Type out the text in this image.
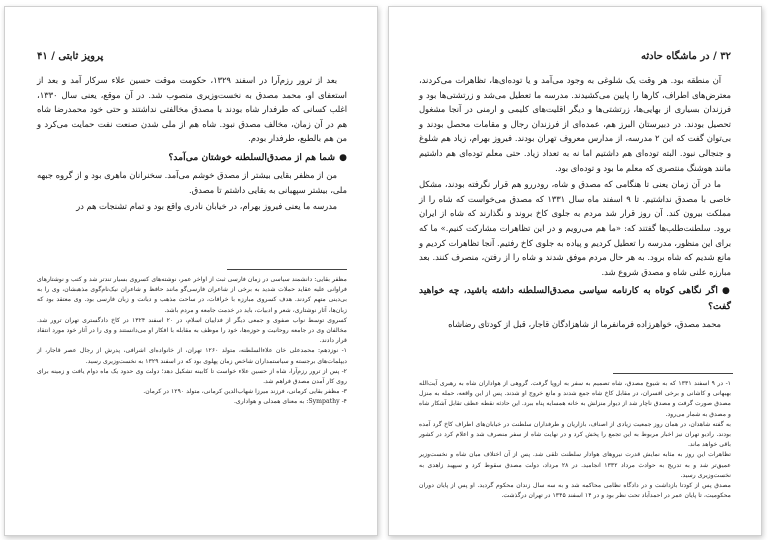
پرویز ثابتی / ۴۱

بعد از ترور رزم‌آرا در اسفند ۱۳۲۹، حکومت موقت حسین علاء سرکار آمد و بعد از استعفای او، محمد مصدق به نخست‌وزیری منصوب شد. در آن موقع، یعنی سال ۱۳۳۰، اغلب کسانی که طرفدار شاه بودند با مصدق مخالفتی نداشتند و حتی خود محمدرضا شاه هم در آن زمان، مخالف مصدق نبود. شاه هم از ملی شدن صنعت نفت حمایت می‌کرد و من هم بالطبع، طرفدار بودم.

●شما هم از مصدق‌السلطنه خوشتان می‌آمد؟

من از مظفر بقایی بیشتر از مصدق خوشم می‌آمد. سخنرانان ماهری بود و از گروه جبهه ملی، بیشتر سپهبانی به بقایی داشتم تا مصدق.

مدرسه ما یعنی فیروز بهرام، در خیابان نادری واقع بود و تمام تشنجات هم در

مظفر بقایی: دانشمند سیاسی در زمان فارسی ثبت از اواخر عمر، نوشته‌های کسروی بسیار تندتر شد و کتب و نوشتارهای فراوانی علیه عقاید حملات شدید به برخی از شاعران فارسی‌گو مانند حافظ و شاعران نیک‌نام‌گوی مذهبشان، وی را به بی‌دینی متهم کردند. هدف کسروی مبارزه با خرافات، در ساحت مذهب و دیانت و زبان فارسی بود. وی معتقد بود که زبان‌ها، آثار نوشتاری، شعر و ادبیات، باید در خدمت جامعه و مردم باشد.

کسروی توسط نواب صفوی و جمعی دیگر از فداییان اسلام، در ۲۰ اسفند ۱۳۲۴ در کاخ دادگستری تهران ترور شد. مخالفان وی در جامعه روحانیت و حوزه‌ها، خود را موظف به مقابله با افکار او می‌دانستند و وی را در آثار خود مورد انتقاد قرار دادند.

۱- نوزدهم: محمدعلی خان علاءالسلطنه، متولد ۱۲۶۰ تهران، از خانواده‌ای اشرافی، پدرش از رجال عصر قاجار، از دیپلمات‌های برجسته و سیاستمداران شاخص زمان پهلوی بود که در اسفند ۱۳۲۹ به نخست‌وزیری رسید.

۲- پس از ترور رزم‌آرا، شاه از حسین علاء خواست تا کابینه تشکیل دهد؛ دولت وی حدود یک ماه دوام یافت و زمینه برای روی کار آمدن مصدق فراهم شد.

۳- مظفر بقایی کرمانی، فرزند میرزا شهاب‌الدین کرمانی، متولد ۱۲۹۰ در کرمان.

۴- Sympathy: به معنای همدلی و هواداری.

۳۲ / در ماشگاه حادثه

آن منطقه بود. هر وقت یک شلوغی به وجود می‌آمد و یا توده‌ای‌ها، تظاهرات می‌کردند، معترض‌های اطراف، کارها را پایین می‌کشیدند. مدرسه ما تعطیل می‌شد و زرتشتی‌ها بود و فرزندان بسیاری از بهایی‌ها، زرتشتی‌ها و دیگر اقلیت‌های کلیمی و ارمنی در آنجا مشغول تحصیل بودند. در دبیرستان البرز هم، عمده‌ای از فرزندان رجال و مقامات محصل بودند و بی‌توان گفت که این ۲ مدرسه، از مدارس معروف تهران بودند. فیروز بهرام، زیاد هم شلوغ و جنجالی نبود. البته توده‌ای هم داشتیم اما نه به تعداد زیاد. حتی معلم توده‌ای هم داشتیم مانند هوشنگ منتصری که معلم ما بود و توده‌ای بود.

ما در آن زمان یعنی تا هنگامی که مصدق و شاه، رودررو هم قرار نگرفته بودند، مشکل خاصی با مصدق نداشتیم. تا ۹ اسفند ماه سال ۱۳۳۱ که مصدق می‌خواست که شاه را از مملکت بیرون کند. آن روز قرار شد مردم به جلوی کاخ بروند و نگذارند که شاه از ایران برود. سلطنت‌طلب‌ها گفتند که: «ما هم می‌رویم و در این تظاهرات مشارکت کنیم.» ما که برای این منظور، مدرسه را تعطیل کردیم و پیاده به جلوی کاخ رفتیم. آنجا تظاهرات کردیم و مانع شدیم که شاه برود. به هر حال مردم موفق شدند و شاه را از رفتن، منصرف کنند. بعد مبارزه علنی شاه و مصدق شروع شد.

●اگر نگاهی کوتاه به کارنامه سیاسی مصدق‌السلطنه داشته باشید، چه خواهید گفت؟

محمد مصدق، خواهرزاده فرمانفرما از شاهزادگان قاجار، قبل از کودتای رضاشاه

۱- در ۹ اسفند ۱۳۳۱ که به شیوع مصدق، شاه تصمیم به سفر به اروپا گرفت. گروهی از هواداران شاه به رهبری آیت‌الله بهبهانی و کاشانی و برخی افسران، در مقابل کاخ شاه جمع شدند و مانع خروج او شدند. پس از این واقعه، حمله به منزل مصدق صورت گرفت و مصدق ناچار شد از دیوار منزلش به خانه همسایه پناه ببرد. این حادثه نقطه عطف تقابل آشکار شاه و مصدق به شمار می‌رود.

به گفته شاهدان، در همان روز جمعیت زیادی از اصناف، بازاریان و طرفداران سلطنت در خیابان‌های اطراف کاخ گرد آمده بودند. رادیو تهران نیز اخبار مربوط به این تجمع را پخش کرد و در نهایت شاه از سفر منصرف شد و اعلام کرد در کشور باقی خواهد ماند.

تظاهرات این روز به مثابه نمایش قدرت نیروهای هوادار سلطنت تلقی شد. پس از آن اختلاف میان شاه و نخست‌وزیر عمیق‌تر شد و به تدریج به حوادث مرداد ۱۳۳۲ انجامید. در ۲۸ مرداد، دولت مصدق سقوط کرد و سپهبد زاهدی به نخست‌وزیری رسید.

مصدق پس از کودتا بازداشت و در دادگاه نظامی محاکمه شد و به سه سال زندان محکوم گردید. او پس از پایان دوران محکومیت، تا پایان عمر در احمدآباد تحت نظر بود و در ۱۴ اسفند ۱۳۴۵ در تهران درگذشت.
